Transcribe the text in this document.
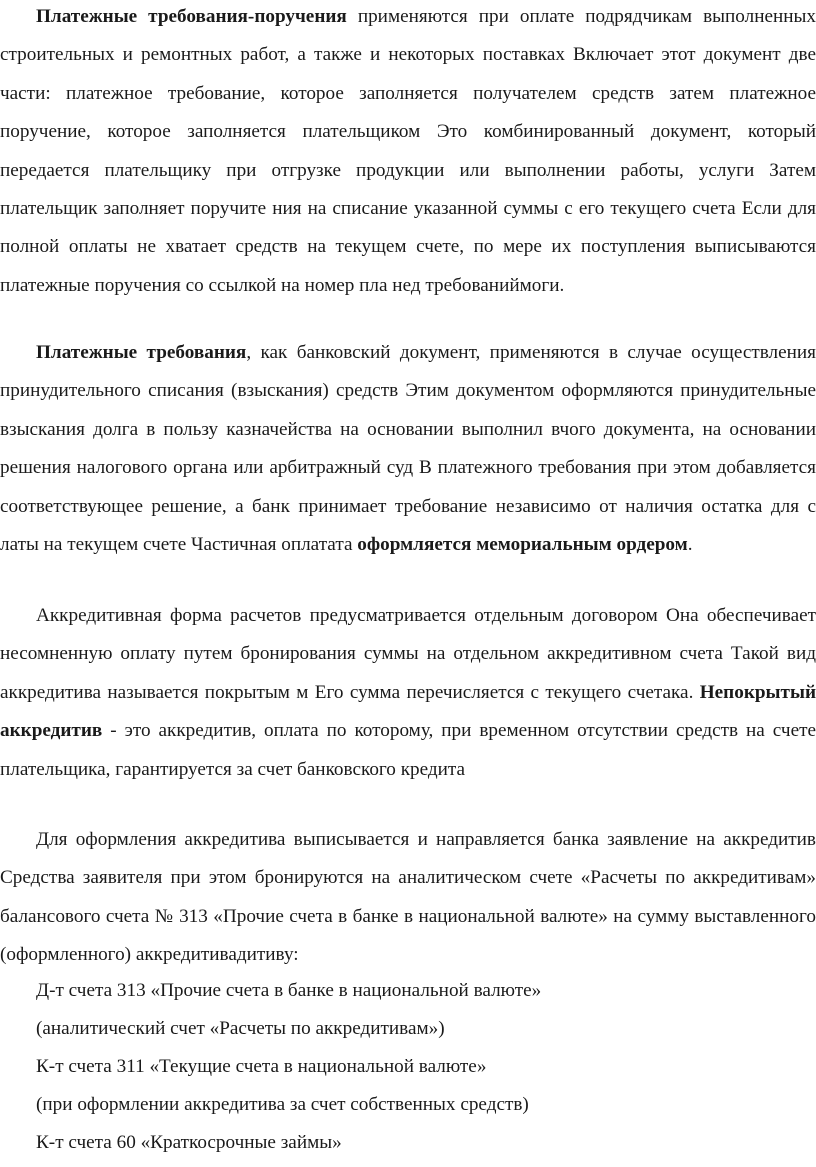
Платежные требования-поручения применяются при оплате подрядчикам выполненных строительных и ремонтных работ, а также и некоторых поставках Включает этот документ две части: платежное требование, которое заполняется получателем средств затем платежное поручение, которое заполняется плательщиком Это комбинированный документ, который передается плательщику при отгрузке продукции или выполнении работы, услуги Затем плательщик заполняет поручите ния на списание указанной суммы с его текущего счета Если для полной оплаты не хватает средств на текущем счете, по мере их поступления выписываются платежные поручения со ссылкой на номер пла нед требованиймоги.

Платежные требования, как банковский документ, применяются в случае осуществления принудительного списания (взыскания) средств Этим документом оформляются принудительные взыскания долга в пользу казначейства на основании выполнил вчого документа, на основании решения налогового органа или арбитражный суд В платежного требования при этом добавляется соответствующее решение, а банк принимает требование независимо от наличия остатка для с латы на текущем счете Частичная оплатата оформляется мемориальным ордером.

Аккредитивная форма расчетов предусматривается отдельным договором Она обеспечивает несомненную оплату путем бронирования суммы на отдельном аккредитивном счета Такой вид аккредитива называется покрытым м Его сумма перечисляется с текущего счетака. Непокрытый аккредитив - это аккредитив, оплата по которому, при временном отсутствии средств на счете плательщика, гарантируется за счет банковского кредита

Для оформления аккредитива выписывается и направляется банка заявление на аккредитив Средства заявителя при этом бронируются на аналитическом счете «Расчеты по аккредитивам» балансового счета № 313 «Прочие счета в банке в национальной валюте» на сумму выставленного (оформленного) аккредитивадитиву:

Д-т счета 313 «Прочие счета в банке в национальной валюте»

(аналитический счет «Расчеты по аккредитивам»)

К-т счета 311 «Текущие счета в национальной валюте»

(при оформлении аккредитива за счет собственных средств)

К-т счета 60 «Краткосрочные займы»
